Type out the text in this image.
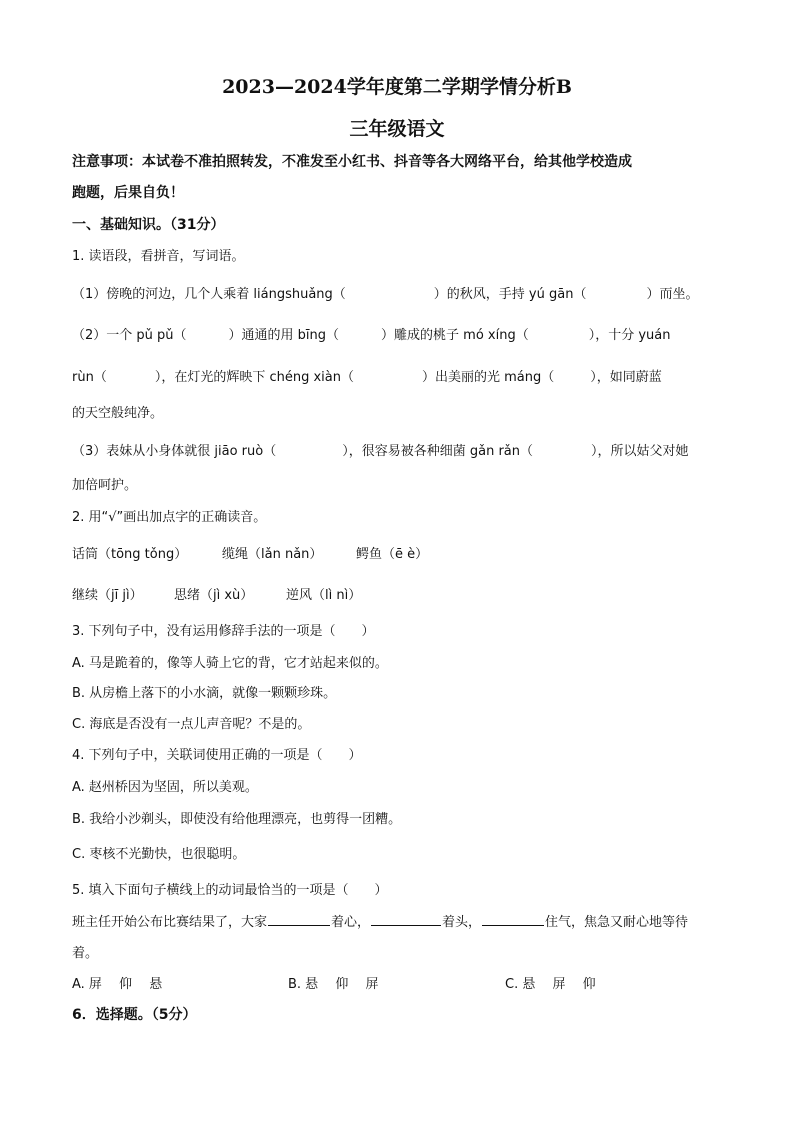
2023—2024学年度第二学期学情分析B
三年级语文
注意事项：本试卷不准拍照转发，不准发至小红书、抖音等各大网络平台，给其他学校造成
跑题，后果自负！
一、基础知识。（31分）
1. 读语段，看拼音，写词语。
（1）傍晚的河边，几个人乘着 liángshuǎng（	）的秋风，手持 yú gān（	）而坐。
（2）一个 pǔ pǔ（	）通通的用 bīng（	）雕成的桃子 mó xíng（	），十分 yuán
rùn（	），在灯光的辉映下 chéng xiàn（	）出美丽的光 máng（	），如同蔚蓝
的天空般纯净。
（3）表妹从小身体就很 jiāo ruò（	），很容易被各种细菌 gǎn rǎn（	），所以姑父对她
加倍呵护。
2. 用“√”画出加点字的正确读音。
话筒（tōng tǒng）	缆绳（lǎn nǎn）	鳄鱼（ē è）
继续（jī jì） 思绪（jì xù）	逆风（lì nì）
3. 下列句子中，没有运用修辞手法的一项是（　　）
A. 马是跪着的，像等人骑上它的背，它才站起来似的。
B. 从房檐上落下的小水滴，就像一颗颗珍珠。
C. 海底是否没有一点儿声音呢？不是的。
4. 下列句子中，关联词使用正确的一项是（　　）
A. 赵州桥因为坚固，所以美观。
B. 我给小沙剃头，即使没有给他理漂亮，也剪得一团糟。
C. 枣核不光勤快，也很聪明。
5. 填入下面句子横线上的动词最恰当的一项是（　　）
班主任开始公布比赛结果了，大家	着心，	着头，	住气，焦急又耐心地等待
着。
A. 屏　 仰　 悬	B. 悬　 仰　 屏	C. 悬　 屏　 仰
6．选择题。（5分）
